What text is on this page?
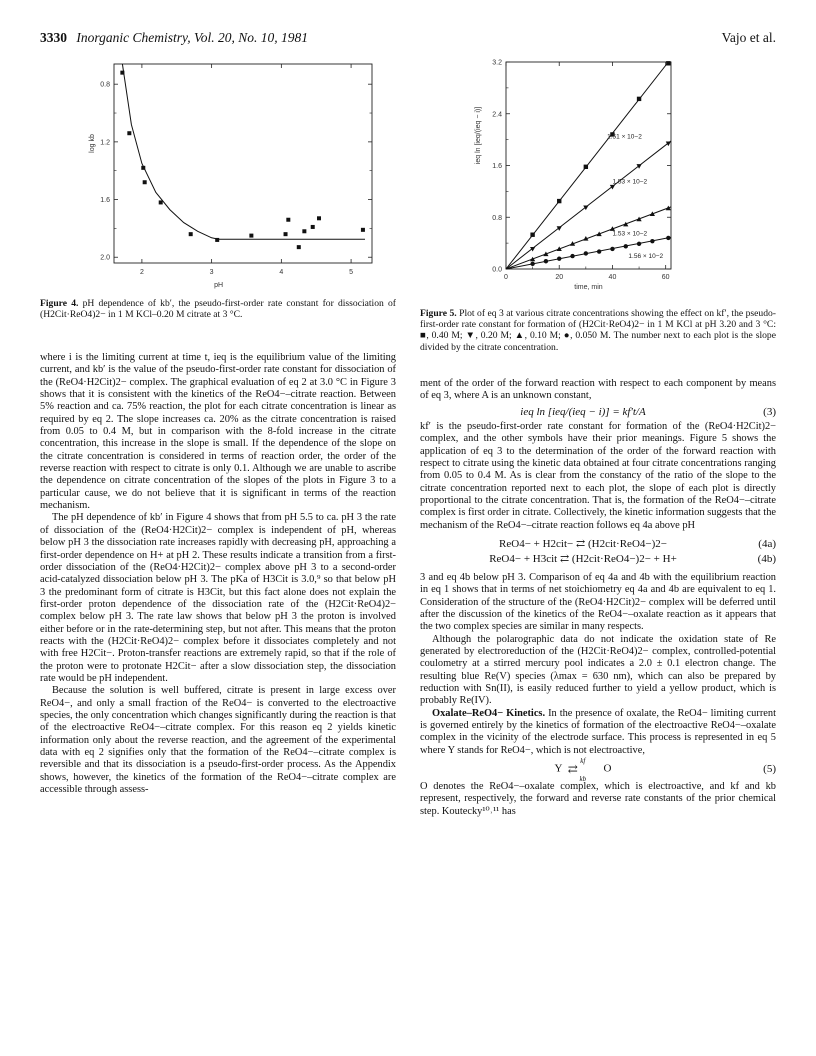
3330 Inorganic Chemistry, Vol. 20, No. 10, 1981	Vajo et al.
2	3	4	5
0.8
1.2
1.6
2.0
pH
log kb
Figure 4. pH dependence of kb′, the pseudo-first-order rate constant for dissociation of (H2Cit·ReO4)2− in 1 M KCl–0.20 M citrate at 3 °C.
0	20	40	60
0.0
0.8
1.6
2.4
3.2
1.51 × 10−2
1.53 × 10−2
1.53 × 10−2
1.56 × 10−2
time, min
ieq ln [ieq/(ieq − i)]
Figure 5. Plot of eq 3 at various citrate concentrations showing the effect on kf′, the pseudo-first-order rate constant for formation of (H2Cit·ReO4)2− in 1 M KCl at pH 3.20 and 3 °C: ■, 0.40 M; ▼, 0.20 M; ▲, 0.10 M; ●, 0.050 M. The number next to each plot is the slope divided by the citrate concentration.

where i is the limiting current at time t, ieq is the equilibrium value of the limiting current, and kb′ is the value of the pseudo-first-order rate constant for dissociation of the (ReO4·H2Cit)2− complex. The graphical evaluation of eq 2 at 3.0 °C in Figure 3 shows that it is consistent with the kinetics of the ReO4−–citrate reaction. Between 5% reaction and ca. 75% reaction, the plot for each citrate concentration is linear as required by eq 2. The slope increases ca. 20% as the citrate concentration is raised from 0.05 to 0.4 M, but in comparison with the 8-fold increase in the citrate concentration, this increase in the slope is small. If the dependence of the slope on the citrate concentration is considered in terms of reaction order, the order of the reverse reaction with respect to citrate is only 0.1. Although we are unable to ascribe the dependence on citrate concentration of the slopes of the plots in Figure 3 to a particular cause, we do not believe that it is significant in terms of the reaction mechanism.

The pH dependence of kb′ in Figure 4 shows that from pH 5.5 to ca. pH 3 the rate of dissociation of the (ReO4·H2Cit)2− complex is independent of pH, whereas below pH 3 the dissociation rate increases rapidly with decreasing pH, approaching a first-order dependence on H+ at pH 2. These results indicate a transition from a first-order dissociation of the (ReO4·H2Cit)2− complex above pH 3 to a second-order acid-catalyzed dissociation below pH 3. The pKa of H3Cit is 3.0,⁹ so that below pH 3 the predominant form of citrate is H3Cit, but this fact alone does not explain the first-order proton dependence of the dissociation rate of the (H2Cit·ReO4)2− complex below pH 3. The rate law shows that below pH 3 the proton is involved either before or in the rate-determining step, but not after. This means that the proton reacts with the (H2Cit·ReO4)2− complex before it dissociates completely and not with free H2Cit−. Proton-transfer reactions are extremely rapid, so that if the role of the proton were to protonate H2Cit− after a slow dissociation step, the dissociation rate would be pH independent.

Because the solution is well buffered, citrate is present in large excess over ReO4−, and only a small fraction of the ReO4− is converted to the electroactive species, the only concentration which changes significantly during the reaction is that of the electroactive ReO4−–citrate complex. For this reason eq 2 yields kinetic information only about the reverse reaction, and the agreement of the experimental data with eq 2 signifies only that the formation of the ReO4−–citrate complex is reversible and that its dissociation is a pseudo-first-order process. As the Appendix shows, however, the kinetics of the formation of the ReO4−–citrate complex are accessible through assess-

ment of the order of the forward reaction with respect to each component by means of eq 3, where A is an unknown constant,

ieq ln [ieq/(ieq − i)] = kf′t/A	(3)

kf′ is the pseudo-first-order rate constant for formation of the (ReO4·H2Cit)2− complex, and the other symbols have their prior meanings. Figure 5 shows the application of eq 3 to the determination of the order of the forward reaction with respect to citrate using the kinetic data obtained at four citrate concentrations ranging from 0.05 to 0.4 M. As is clear from the constancy of the ratio of the slope to the citrate concentration reported next to each plot, the slope of each plot is directly proportional to the citrate concentration. That is, the formation of the ReO4−–citrate complex is first order in citrate. Collectively, the kinetic information suggests that the mechanism of the ReO4−–citrate reaction follows eq 4a above pH

ReO4− + H2cit− ⇄ (H2cit·ReO4−)2−	(4a)
ReO4− + H3cit ⇄ (H2cit·ReO4−)2− + H+	(4b)

3 and eq 4b below pH 3. Comparison of eq 4a and 4b with the equilibrium reaction in eq 1 shows that in terms of net stoichiometry eq 4a and 4b are equivalent to eq 1. Consideration of the structure of the (ReO4·H2Cit)2− complex will be deferred until after the discussion of the kinetics of the ReO4−–oxalate reaction as it appears that the two complex species are similar in many respects.

Although the polarographic data do not indicate the oxidation state of Re generated by electroreduction of the (H2Cit·ReO4)2− complex, controlled-potential coulometry at a stirred mercury pool indicates a 2.0 ± 0.1 electron change. The resulting blue Re(V) species (λmax = 630 nm), which can also be prepared by reduction with Sn(II), is easily reduced further to yield a yellow product, which is probably Re(IV).

Oxalate–ReO4− Kinetics. In the presence of oxalate, the ReO4− limiting current is governed entirely by the kinetics of formation of the electroactive ReO4−–oxalate complex in the vicinity of the electrode surface. This process is represented in eq 5 where Y stands for ReO4−, which is not electroactive,

Y
kf
⇄
kb
O	(5)

O denotes the ReO4−–oxalate complex, which is electroactive, and kf and kb represent, respectively, the forward and reverse rate constants of the prior chemical step. Koutecky¹⁰˒¹¹ has
